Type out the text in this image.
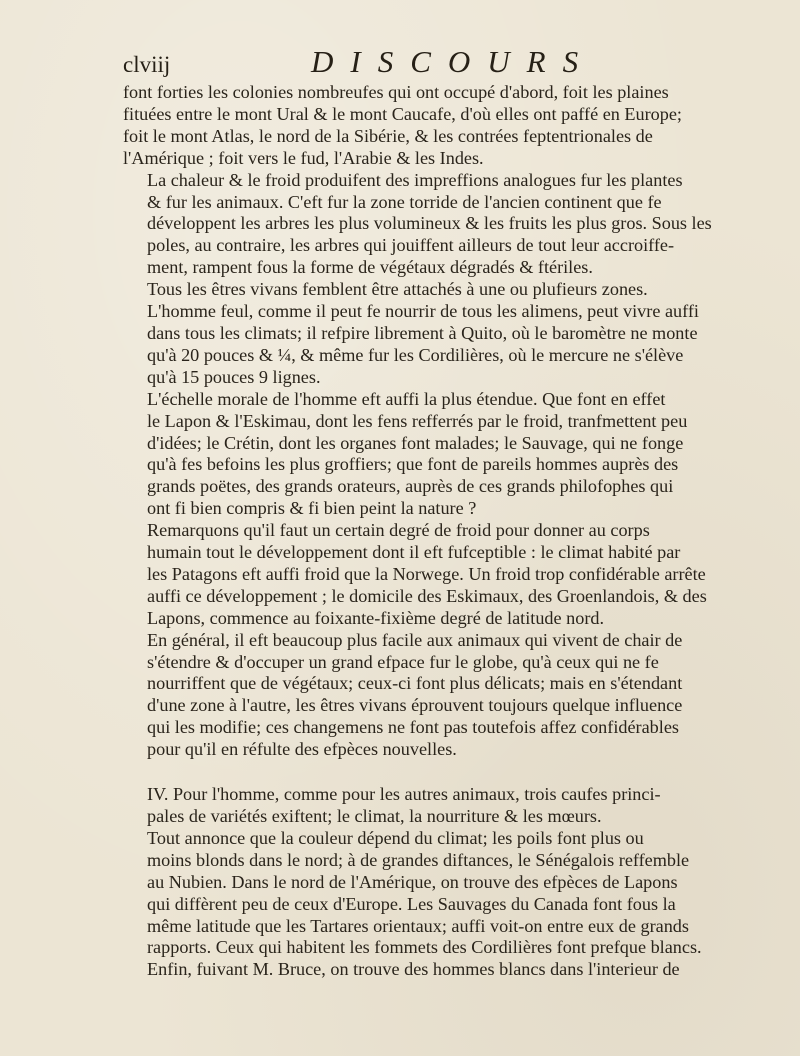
clviij	DISCOURS

font forties les colonies nombreufes qui ont occupé d'abord, foit les plaines
fituées entre le mont Ural & le mont Caucafe, d'où elles ont paffé en Europe;
foit le mont Atlas, le nord de la Sibérie, & les contrées feptentrionales de
l'Amérique ; foit vers le fud, l'Arabie & les Indes.

La chaleur & le froid produifent des impreffions analogues fur les plantes
& fur les animaux. C'eft fur la zone torride de l'ancien continent que fe
développent les arbres les plus volumineux & les fruits les plus gros. Sous les
poles, au contraire, les arbres qui jouiffent ailleurs de tout leur accroiffe-
ment, rampent fous la forme de végétaux dégradés & ftériles.

Tous les êtres vivans femblent être attachés à une ou plufieurs zones.
L'homme feul, comme il peut fe nourrir de tous les alimens, peut vivre auffi
dans tous les climats; il refpire librement à Quito, où le baromètre ne monte
qu'à 20 pouces & ¼, & même fur les Cordilières, où le mercure ne s'élève
qu'à 15 pouces 9 lignes.

L'échelle morale de l'homme eft auffi la plus étendue. Que font en effet
le Lapon & l'Eskimau, dont les fens refferrés par le froid, tranfmettent peu
d'idées; le Crétin, dont les organes font malades; le Sauvage, qui ne fonge
qu'à fes befoins les plus groffiers; que font de pareils hommes auprès des
grands poëtes, des grands orateurs, auprès de ces grands philofophes qui
ont fi bien compris & fi bien peint la nature ?

Remarquons qu'il faut un certain degré de froid pour donner au corps
humain tout le développement dont il eft fufceptible : le climat habité par
les Patagons eft auffi froid que la Norwege. Un froid trop confidérable arrête
auffi ce développement ; le domicile des Eskimaux, des Groenlandois, & des
Lapons, commence au foixante-fixième degré de latitude nord.

En général, il eft beaucoup plus facile aux animaux qui vivent de chair de
s'étendre & d'occuper un grand efpace fur le globe, qu'à ceux qui ne fe
nourriffent que de végétaux; ceux-ci font plus délicats; mais en s'étendant
d'une zone à l'autre, les êtres vivans éprouvent toujours quelque influence
qui les modifie; ces changemens ne font pas toutefois affez confidérables
pour qu'il en réfulte des efpèces nouvelles.

IV. Pour l'homme, comme pour les autres animaux, trois caufes princi-
pales de variétés exiftent; le climat, la nourriture & les mœurs.

Tout annonce que la couleur dépend du climat; les poils font plus ou
moins blonds dans le nord; à de grandes diftances, le Sénégalois reffemble
au Nubien. Dans le nord de l'Amérique, on trouve des efpèces de Lapons
qui diffèrent peu de ceux d'Europe. Les Sauvages du Canada font fous la
même latitude que les Tartares orientaux; auffi voit-on entre eux de grands
rapports. Ceux qui habitent les fommets des Cordilières font prefque blancs.
Enfin, fuivant M. Bruce, on trouve des hommes blancs dans l'interieur de
